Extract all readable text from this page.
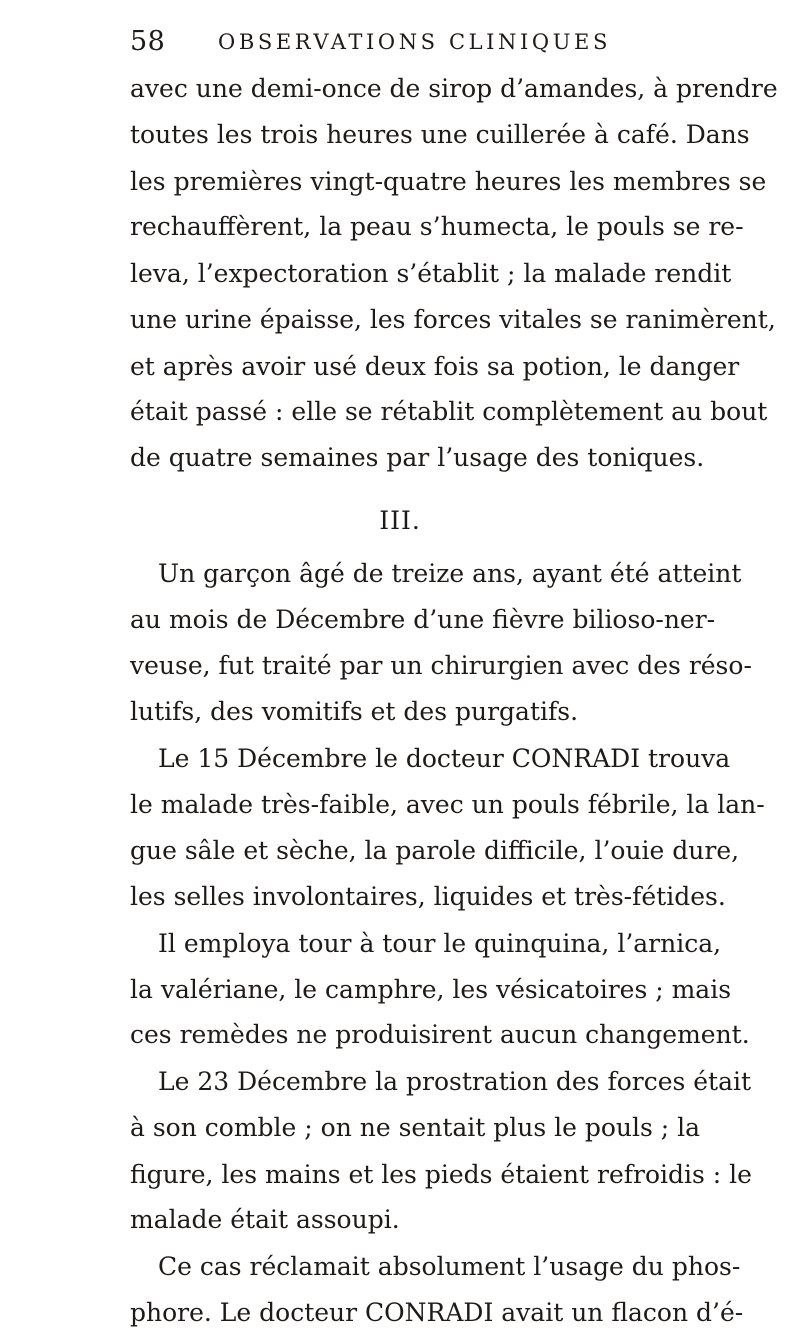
58	OBSERVATIONS CLINIQUES
avec une demi-once de sirop d’amandes, à prendre
toutes les trois heures une cuillerée à café. Dans
les premières vingt-quatre heures les membres se
rechauffèrent, la peau s’humecta, le pouls se re-
leva, l’expectoration s’établit ; la malade rendit
une urine épaisse, les forces vitales se ranimèrent,
et après avoir usé deux fois sa potion, le danger
était passé : elle se rétablit complètement au bout
de quatre semaines par l’usage des toniques.
III.
Un garçon âgé de treize ans, ayant été atteint
au mois de Décembre d’une fièvre bilioso-ner-
veuse, fut traité par un chirurgien avec des réso-
lutifs, des vomitifs et des purgatifs.
Le 15 Décembre le docteur CONRADI trouva
le malade très-faible, avec un pouls fébrile, la lan-
gue sâle et sèche, la parole difficile, l’ouie dure,
les selles involontaires, liquides et très-fétides.
Il employa tour à tour le quinquina, l’arnica,
la valériane, le camphre, les vésicatoires ; mais
ces remèdes ne produisirent aucun changement.
Le 23 Décembre la prostration des forces était
à son comble ; on ne sentait plus le pouls ; la
figure, les mains et les pieds étaient refroidis : le
malade était assoupi.
Ce cas réclamait absolument l’usage du phos-
phore. Le docteur CONRADI avait un flacon d’é-
